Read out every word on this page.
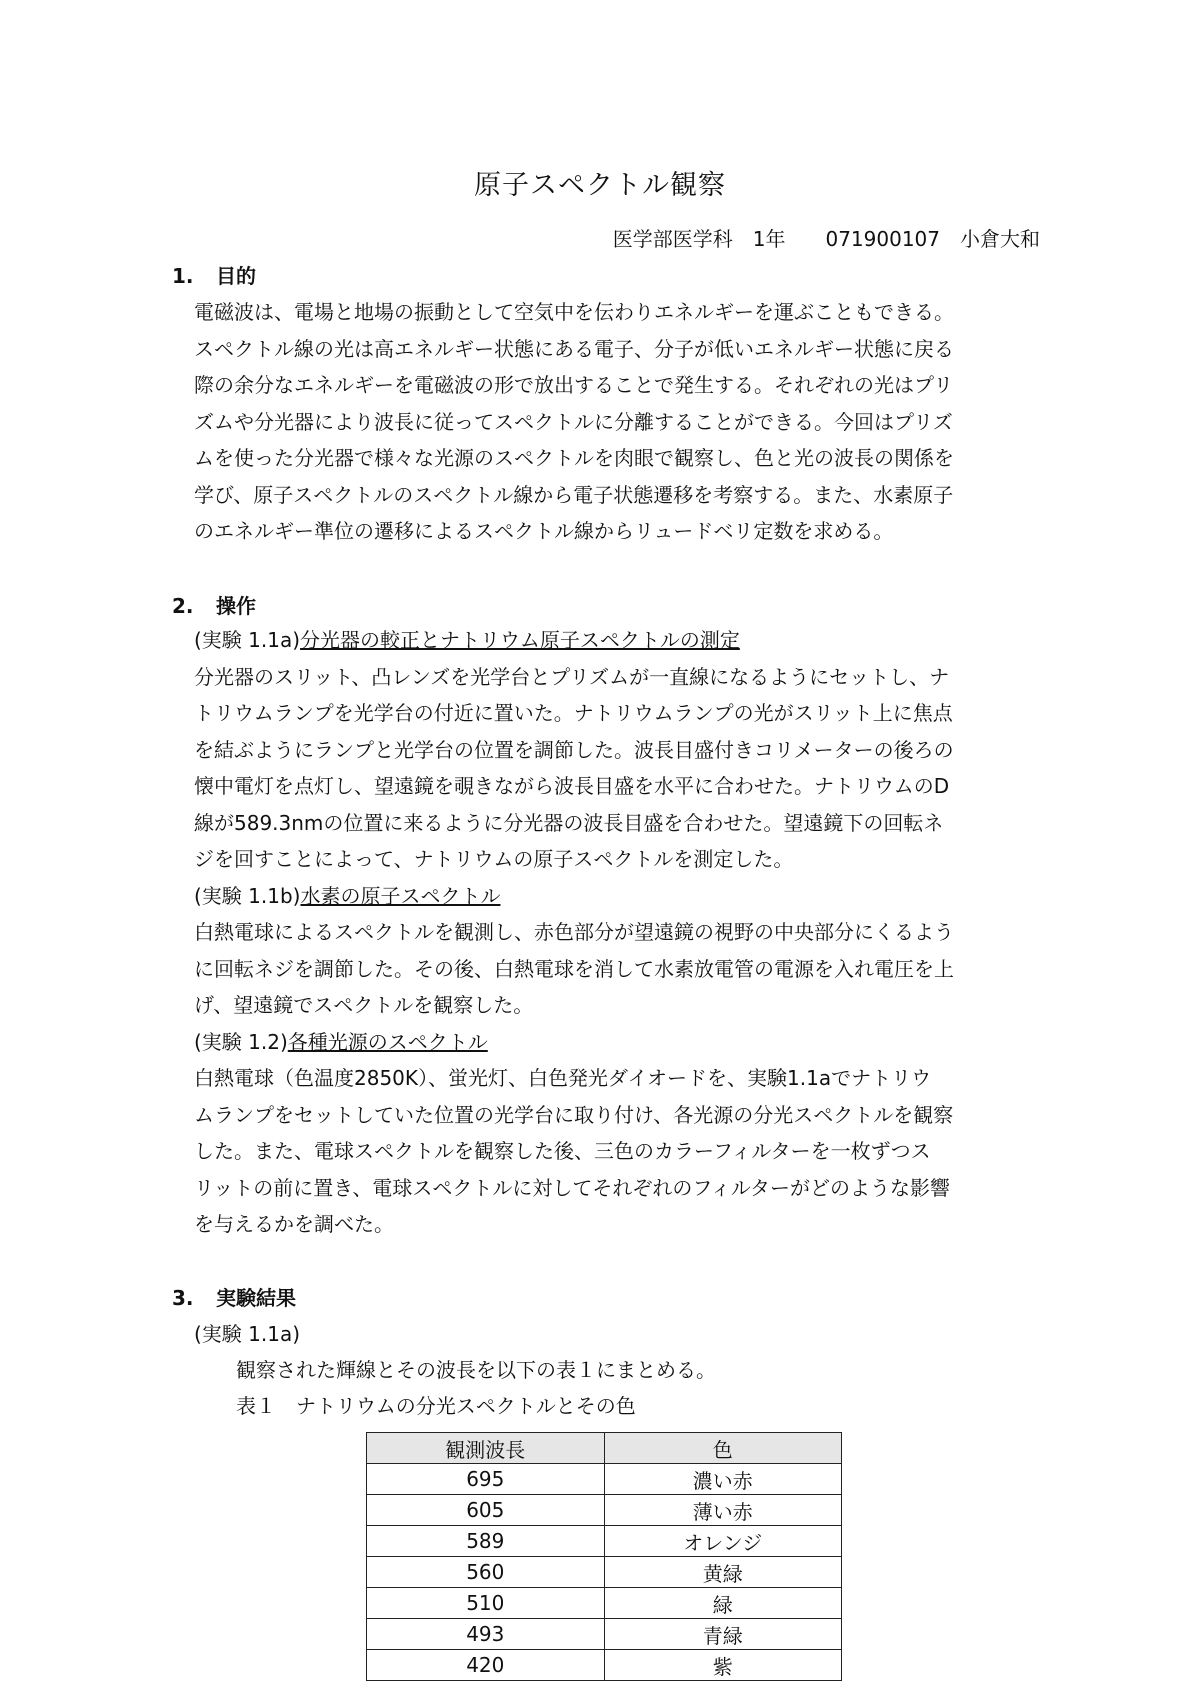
原子スペクトル観察
医学部医学科　1年　　071900107　小倉大和
1. 目的

電磁波は、電場と地場の振動として空気中を伝わりエネルギーを運ぶこともできる。

スペクトル線の光は高エネルギー状態にある電子、分子が低いエネルギー状態に戻る

際の余分なエネルギーを電磁波の形で放出することで発生する。それぞれの光はプリ

ズムや分光器により波長に従ってスペクトルに分離することができる。今回はプリズ

ムを使った分光器で様々な光源のスペクトルを肉眼で観察し、色と光の波長の関係を

学び、原子スペクトルのスペクトル線から電子状態遷移を考察する。また、水素原子

のエネルギー準位の遷移によるスペクトル線からリュードベリ定数を求める。

2. 操作

(実験 1.1a)分光器の較正とナトリウム原子スペクトルの測定

分光器のスリット、凸レンズを光学台とプリズムが一直線になるようにセットし、ナ

トリウムランプを光学台の付近に置いた。ナトリウムランプの光がスリット上に焦点

を結ぶようにランプと光学台の位置を調節した。波長目盛付きコリメーターの後ろの

懐中電灯を点灯し、望遠鏡を覗きながら波長目盛を水平に合わせた。ナトリウムのD

線が589.3nmの位置に来るように分光器の波長目盛を合わせた。望遠鏡下の回転ネ

ジを回すことによって、ナトリウムの原子スペクトルを測定した。

(実験 1.1b)水素の原子スペクトル

白熱電球によるスペクトルを観測し、赤色部分が望遠鏡の視野の中央部分にくるよう

に回転ネジを調節した。その後、白熱電球を消して水素放電管の電源を入れ電圧を上

げ、望遠鏡でスペクトルを観察した。

(実験 1.2)各種光源のスペクトル

白熱電球（色温度2850K）、蛍光灯、白色発光ダイオードを、実験1.1aでナトリウ

ムランプをセットしていた位置の光学台に取り付け、各光源の分光スペクトルを観察

した。また、電球スペクトルを観察した後、三色のカラーフィルターを一枚ずつス

リットの前に置き、電球スペクトルに対してそれぞれのフィルターがどのような影響

を与えるかを調べた。

3. 実験結果
(実験 1.1a)
観察された輝線とその波長を以下の表１にまとめる。
表１　ナトリウムの分光スペクトルとその色
観測波長	色
695	濃い赤
605	薄い赤
589	オレンジ
560	黄緑
510	緑
493	青緑
420	紫
